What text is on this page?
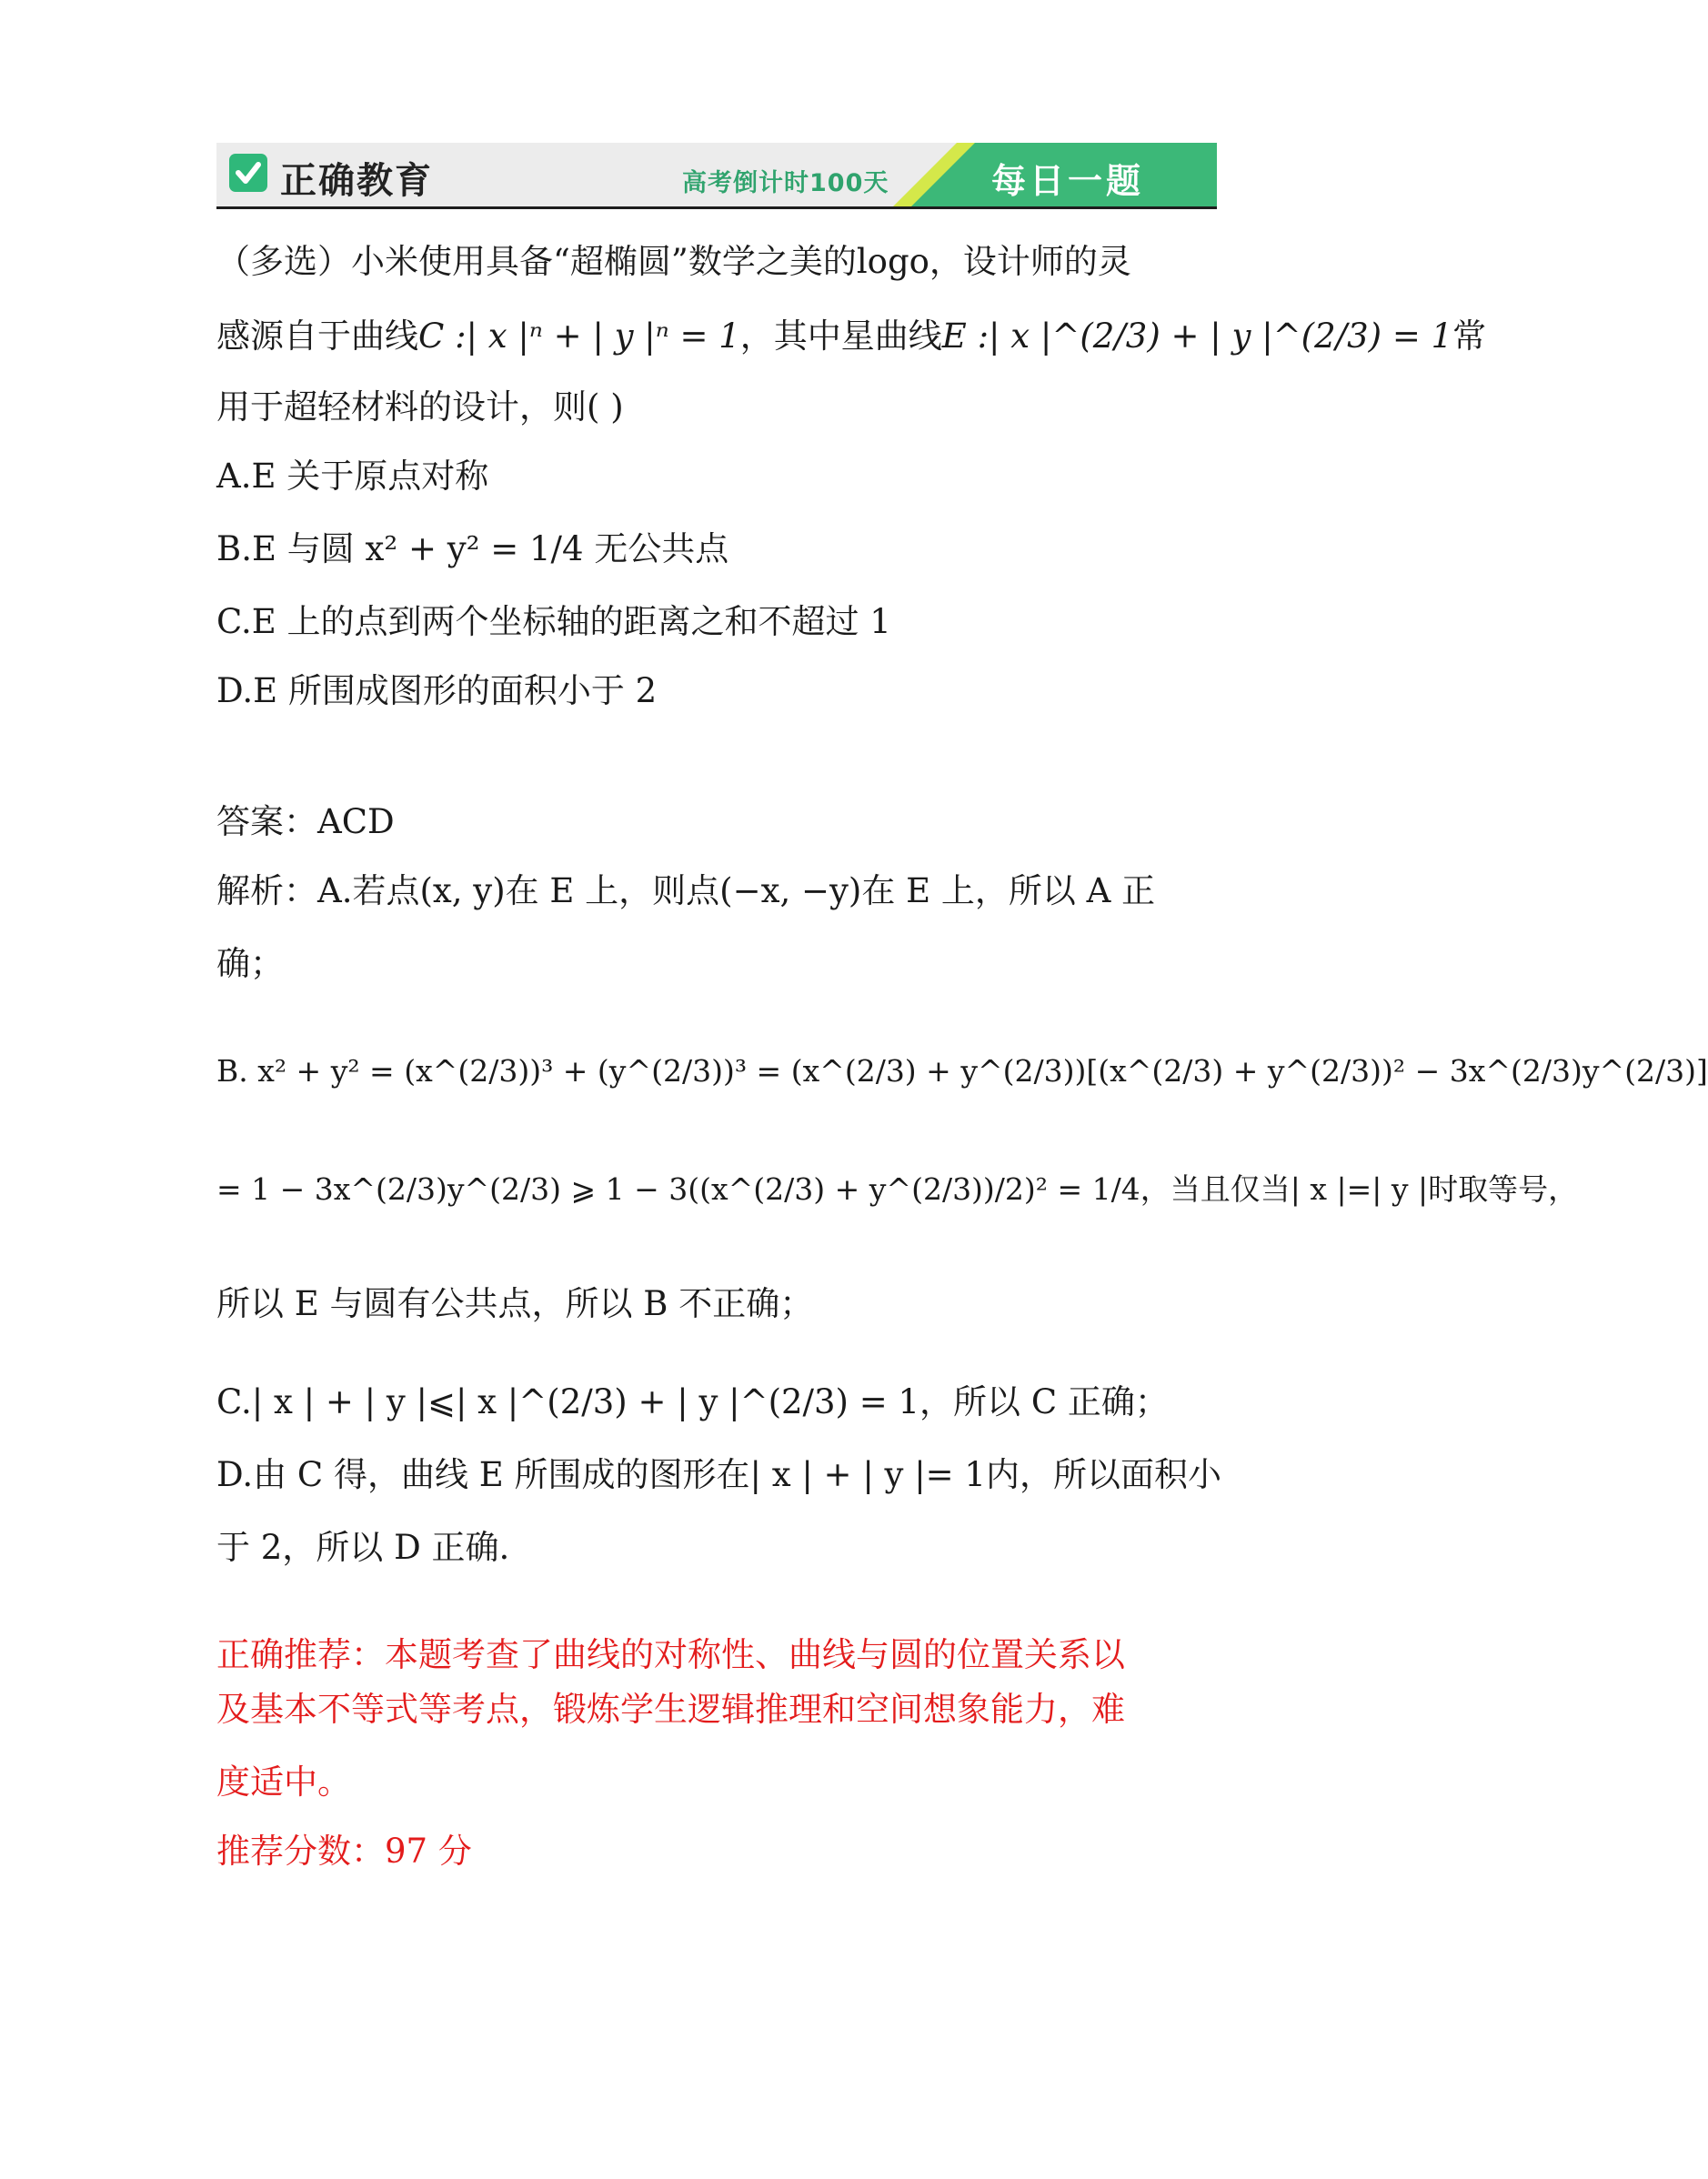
正确教育	高考倒计时100天	每日一题
（多选）小米使用具备“超椭圆”数学之美的logo，设计师的灵
感源自于曲线C :| x |ⁿ + | y |ⁿ = 1，其中星曲线E :| x |^(2/3) + | y |^(2/3) = 1常
用于超轻材料的设计，则( )
A.E 关于原点对称
B.E 与圆 x² + y² = 1/4 无公共点
C.E 上的点到两个坐标轴的距离之和不超过 1
D.E 所围成图形的面积小于 2
答案：ACD
解析：A.若点(x, y)在 E 上，则点(−x, −y)在 E 上，所以 A 正
确；
B. x² + y² = (x^(2/3))³ + (y^(2/3))³ = (x^(2/3) + y^(2/3))[(x^(2/3) + y^(2/3))² − 3x^(2/3)y^(2/3)]
= 1 − 3x^(2/3)y^(2/3) ⩾ 1 − 3((x^(2/3) + y^(2/3))/2)² = 1/4，当且仅当| x |=| y |时取等号，
所以 E 与圆有公共点，所以 B 不正确；
C.| x | + | y |⩽| x |^(2/3) + | y |^(2/3) = 1，所以 C 正确；
D.由 C 得，曲线 E 所围成的图形在| x | + | y |= 1内，所以面积小
于 2，所以 D 正确.
正确推荐：本题考查了曲线的对称性、曲线与圆的位置关系以
及基本不等式等考点，锻炼学生逻辑推理和空间想象能力，难
度适中。
推荐分数：97 分
